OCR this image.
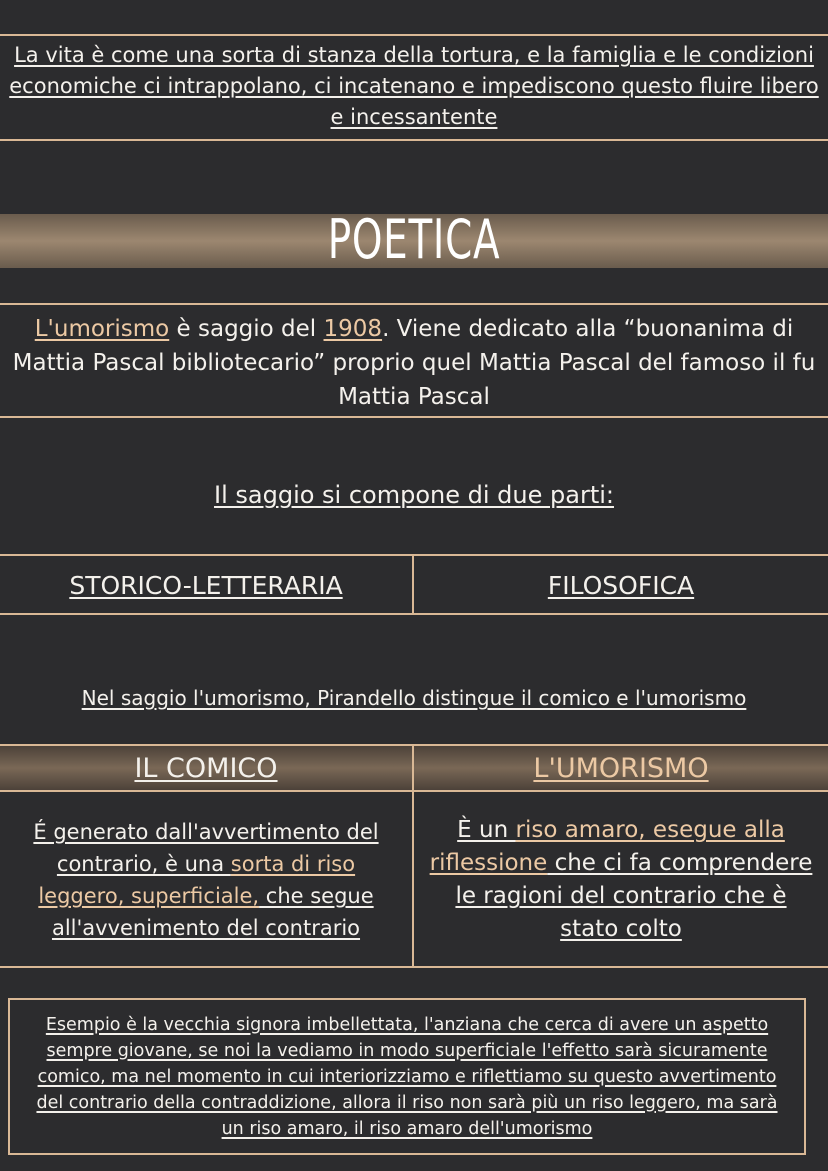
La vita è come una sorta di stanza della tortura, e la famiglia e le condizioni economiche ci intrappolano, ci incatenano e impediscono questo fluire libero e incessantente
POETICA
L'umorismo è saggio del 1908. Viene dedicato alla “buonanima di Mattia Pascal bibliotecario” proprio quel Mattia Pascal del famoso il fu Mattia Pascal
Il saggio si compone di due parti:
STORICO-LETTERARIA	FILOSOFICA
Nel saggio l'umorismo, Pirandello distingue il comico e l'umorismo
IL COMICO	L'UMORISMO
É generato dall'avvertimento del contrario, è una sorta di riso leggero, superficiale, che segue all'avvenimento del contrario
È un riso amaro, esegue alla riflessione che ci fa comprendere le ragioni del contrario che è stato colto
Esempio è la vecchia signora imbellettata, l'anziana che cerca di avere un aspetto sempre giovane, se noi la vediamo in modo superficiale l'effetto sarà sicuramente comico, ma nel momento in cui interiorizziamo e riflettiamo su questo avvertimento del contrario della contraddizione, allora il riso non sarà più un riso leggero, ma sarà un riso amaro, il riso amaro dell'umorismo
